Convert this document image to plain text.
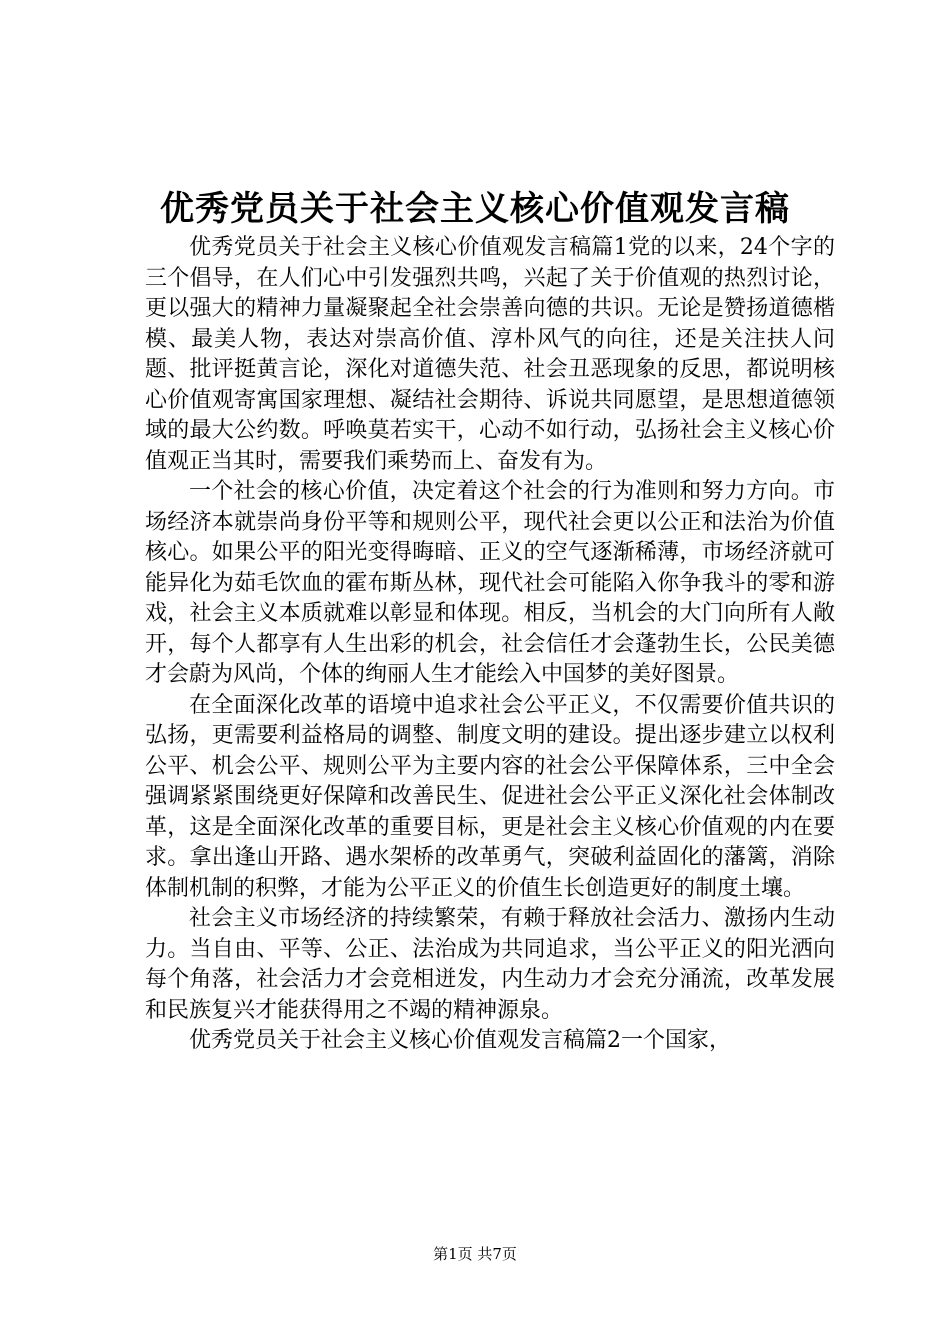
优秀党员关于社会主义核心价值观发言稿

优秀党员关于社会主义核心价值观发言稿篇1党的以来，24个字的三个倡导，在人们心中引发强烈共鸣，兴起了关于价值观的热烈讨论，更以强大的精神力量凝聚起全社会崇善向德的共识。无论是赞扬道德楷模、最美人物，表达对崇高价值、淳朴风气的向往，还是关注扶人问题、批评挺黄言论，深化对道德失范、社会丑恶现象的反思，都说明核心价值观寄寓国家理想、凝结社会期待、诉说共同愿望，是思想道德领域的最大公约数。呼唤莫若实干，心动不如行动，弘扬社会主义核心价值观正当其时，需要我们乘势而上、奋发有为。

一个社会的核心价值，决定着这个社会的行为准则和努力方向。市场经济本就崇尚身份平等和规则公平，现代社会更以公正和法治为价值核心。如果公平的阳光变得晦暗、正义的空气逐渐稀薄，市场经济就可能异化为茹毛饮血的霍布斯丛林，现代社会可能陷入你争我斗的零和游戏，社会主义本质就难以彰显和体现。相反，当机会的大门向所有人敞开，每个人都享有人生出彩的机会，社会信任才会蓬勃生长，公民美德才会蔚为风尚，个体的绚丽人生才能绘入中国梦的美好图景。

在全面深化改革的语境中追求社会公平正义，不仅需要价值共识的弘扬，更需要利益格局的调整、制度文明的建设。提出逐步建立以权利公平、机会公平、规则公平为主要内容的社会公平保障体系，三中全会强调紧紧围绕更好保障和改善民生、促进社会公平正义深化社会体制改革，这是全面深化改革的重要目标，更是社会主义核心价值观的内在要求。拿出逢山开路、遇水架桥的改革勇气，突破利益固化的藩篱，消除体制机制的积弊，才能为公平正义的价值生长创造更好的制度土壤。

社会主义市场经济的持续繁荣，有赖于释放社会活力、激扬内生动力。当自由、平等、公正、法治成为共同追求，当公平正义的阳光洒向每个角落，社会活力才会竞相迸发，内生动力才会充分涌流，改革发展和民族复兴才能获得用之不竭的精神源泉。

优秀党员关于社会主义核心价值观发言稿篇2一个国家，

第1页 共7页
